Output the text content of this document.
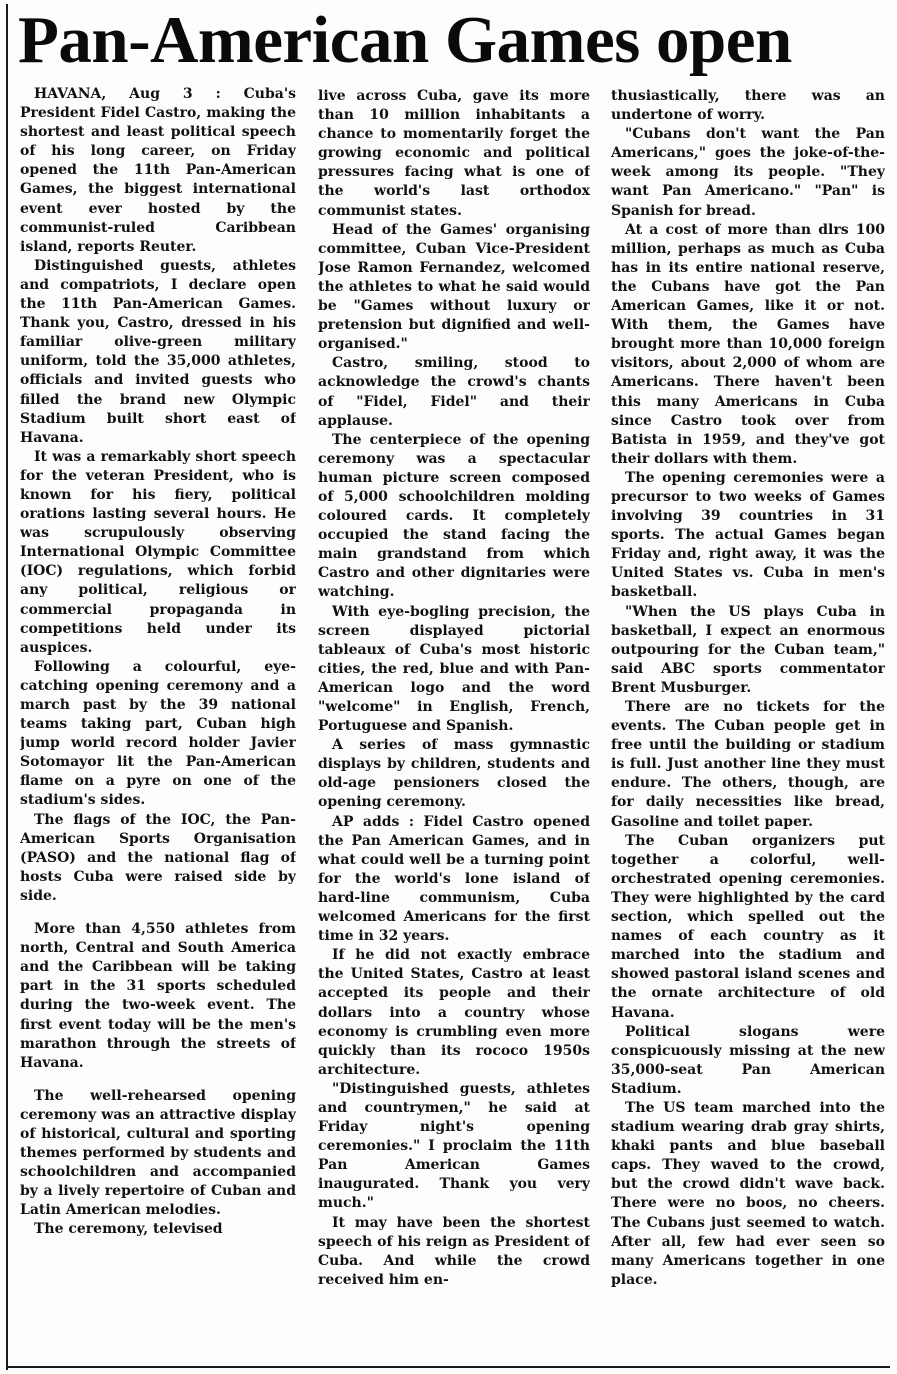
Pan-American Games open

HAVANA, Aug 3 : Cuba's President Fidel Castro, making the shortest and least political speech of his long career, on Friday opened the 11th Pan-American Games, the biggest international event ever hosted by the communist-ruled Caribbean island, reports Reuter.

Distinguished guests, athletes and compatriots, I declare open the 11th Pan-American Games. Thank you, Castro, dressed in his familiar olive-green military uniform, told the 35,000 athletes, officials and invited guests who filled the brand new Olympic Stadium built short east of Havana.

It was a remarkably short speech for the veteran President, who is known for his fiery, political orations lasting several hours. He was scrupulously observing International Olympic Committee (IOC) regulations, which forbid any political, religious or commercial propaganda in competitions held under its auspices.

Following a colourful, eye-catching opening ceremony and a march past by the 39 national teams taking part, Cuban high jump world record holder Javier Sotomayor lit the Pan-American flame on a pyre on one of the stadium's sides.

The flags of the IOC, the Pan-American Sports Organisation (PASO) and the national flag of hosts Cuba were raised side by side.

More than 4,550 athletes from north, Central and South America and the Caribbean will be taking part in the 31 sports scheduled during the two-week event. The first event today will be the men's marathon through the streets of Havana.

The well-rehearsed opening ceremony was an attractive display of historical, cultural and sporting themes performed by students and schoolchildren and accompanied by a lively repertoire of Cuban and Latin American melodies.

The ceremony, televised

live across Cuba, gave its more than 10 million inhabitants a chance to momentarily forget the growing economic and political pressures facing what is one of the world's last orthodox communist states.

Head of the Games' organising committee, Cuban Vice-President Jose Ramon Fernandez, welcomed the athletes to what he said would be "Games without luxury or pretension but dignified and well-organised."

Castro, smiling, stood to acknowledge the crowd's chants of "Fidel, Fidel" and their applause.

The centerpiece of the opening ceremony was a spectacular human picture screen composed of 5,000 schoolchildren molding coloured cards. It completely occupied the stand facing the main grandstand from which Castro and other dignitaries were watching.

With eye-bogling precision, the screen displayed pictorial tableaux of Cuba's most historic cities, the red, blue and with Pan-American logo and the word "welcome" in English, French, Portuguese and Spanish.

A series of mass gymnastic displays by children, students and old-age pensioners closed the opening ceremony.

AP adds : Fidel Castro opened the Pan American Games, and in what could well be a turning point for the world's lone island of hard-line communism, Cuba welcomed Americans for the first time in 32 years.

If he did not exactly embrace the United States, Castro at least accepted its people and their dollars into a country whose economy is crumbling even more quickly than its rococo 1950s architecture.

"Distinguished guests, athletes and countrymen," he said at Friday night's opening ceremonies." I proclaim the 11th Pan American Games inaugurated. Thank you very much."

It may have been the shortest speech of his reign as President of Cuba. And while the crowd received him en-

thusiastically, there was an undertone of worry.

"Cubans don't want the Pan Americans," goes the joke-of-the- week among its people. "They want Pan Americano." "Pan" is Spanish for bread.

At a cost of more than dlrs 100 million, perhaps as much as Cuba has in its entire national reserve, the Cubans have got the Pan American Games, like it or not. With them, the Games have brought more than 10,000 foreign visitors, about 2,000 of whom are Americans. There haven't been this many Americans in Cuba since Castro took over from Batista in 1959, and they've got their dollars with them.

The opening ceremonies were a precursor to two weeks of Games involving 39 countries in 31 sports. The actual Games began Friday and, right away, it was the United States vs. Cuba in men's basketball.

"When the US plays Cuba in basketball, I expect an enormous outpouring for the Cuban team," said ABC sports commentator Brent Musburger.

There are no tickets for the events. The Cuban people get in free until the building or stadium is full. Just another line they must endure. The others, though, are for daily necessities like bread, Gasoline and toilet paper.

The Cuban organizers put together a colorful, well-orchestrated opening ceremonies. They were highlighted by the card section, which spelled out the names of each country as it marched into the stadium and showed pastoral island scenes and the ornate architecture of old Havana.

Political slogans were conspicuously missing at the new 35,000-seat Pan American Stadium.

The US team marched into the stadium wearing drab gray shirts, khaki pants and blue baseball caps. They waved to the crowd, but the crowd didn't wave back. There were no boos, no cheers. The Cubans just seemed to watch. After all, few had ever seen so many Americans together in one place.
